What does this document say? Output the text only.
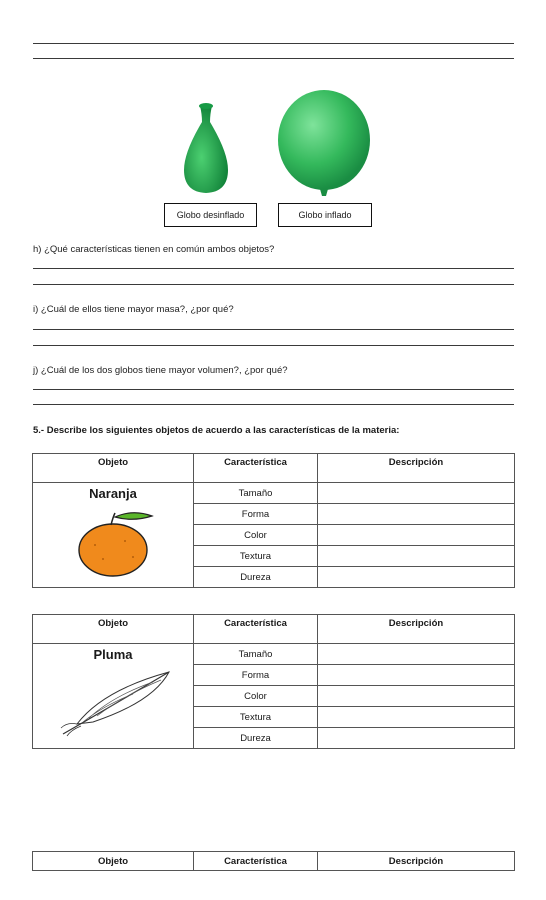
Globo desinflado	Globo inflado
h) ¿Qué características tienen en común ambos objetos?
i) ¿Cuál de ellos tiene mayor masa?, ¿por qué?
j) ¿Cuál de los dos globos tiene mayor volumen?, ¿por qué?
5.- Describe los siguientes objetos de acuerdo a las características de la materia:
Objeto	Característica	Descripción

Naranja	Tamaño	
	Forma	
	Color	
	Textura	
	Dureza	
Objeto	Característica	Descripción

Pluma	Tamaño	
	Forma	
	Color	
	Textura	
	Dureza	
Objeto	Característica	Descripción
